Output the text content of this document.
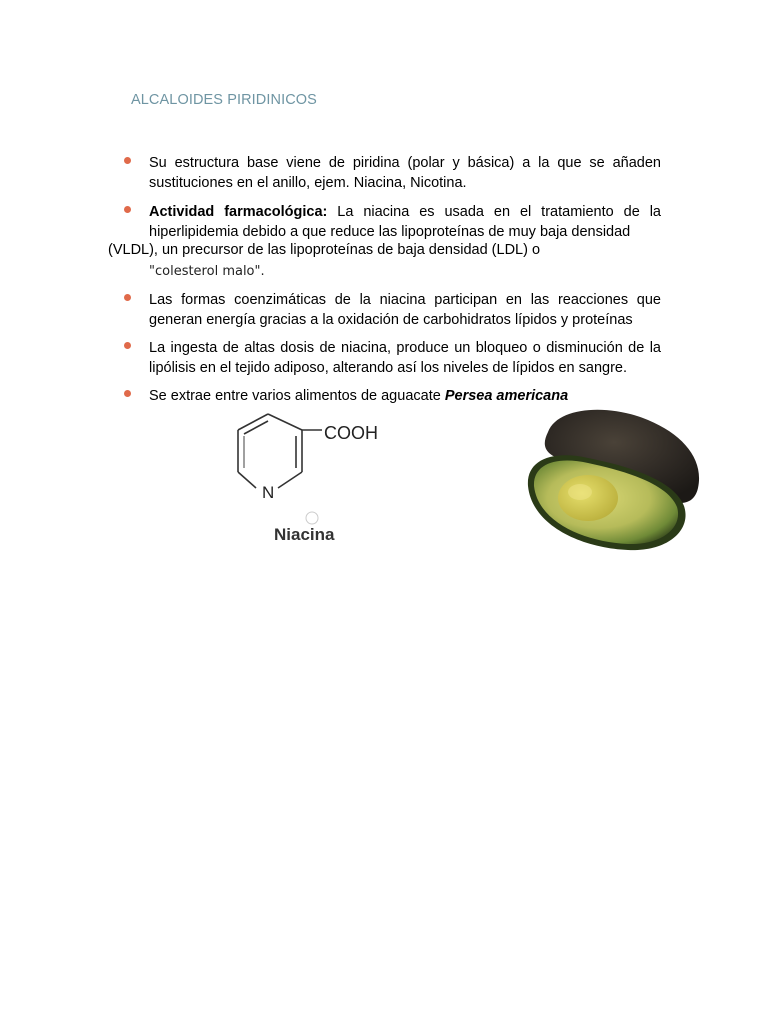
ALCALOIDES PIRIDINICOS
Su estructura base viene de piridina (polar y básica) a la que se añaden
sustituciones en el anillo, ejem. Niacina, Nicotina.
Actividad farmacológica: La niacina es usada en el tratamiento de la
hiperlipidemia debido a que reduce las lipoproteínas de muy baja densidad
(VLDL), un precursor de las lipoproteínas de baja densidad (LDL) o
"colesterol malo".
Las formas coenzimáticas de la niacina participan en las reacciones que
generan energía gracias a la oxidación de carbohidratos lípidos y proteínas
La ingesta de altas dosis de niacina, produce un bloqueo o disminución de la
lipólisis en el tejido adiposo, alterando así los niveles de lípidos en sangre.
Se extrae entre varios alimentos de aguacate Persea americana
COOH
N
Niacina
